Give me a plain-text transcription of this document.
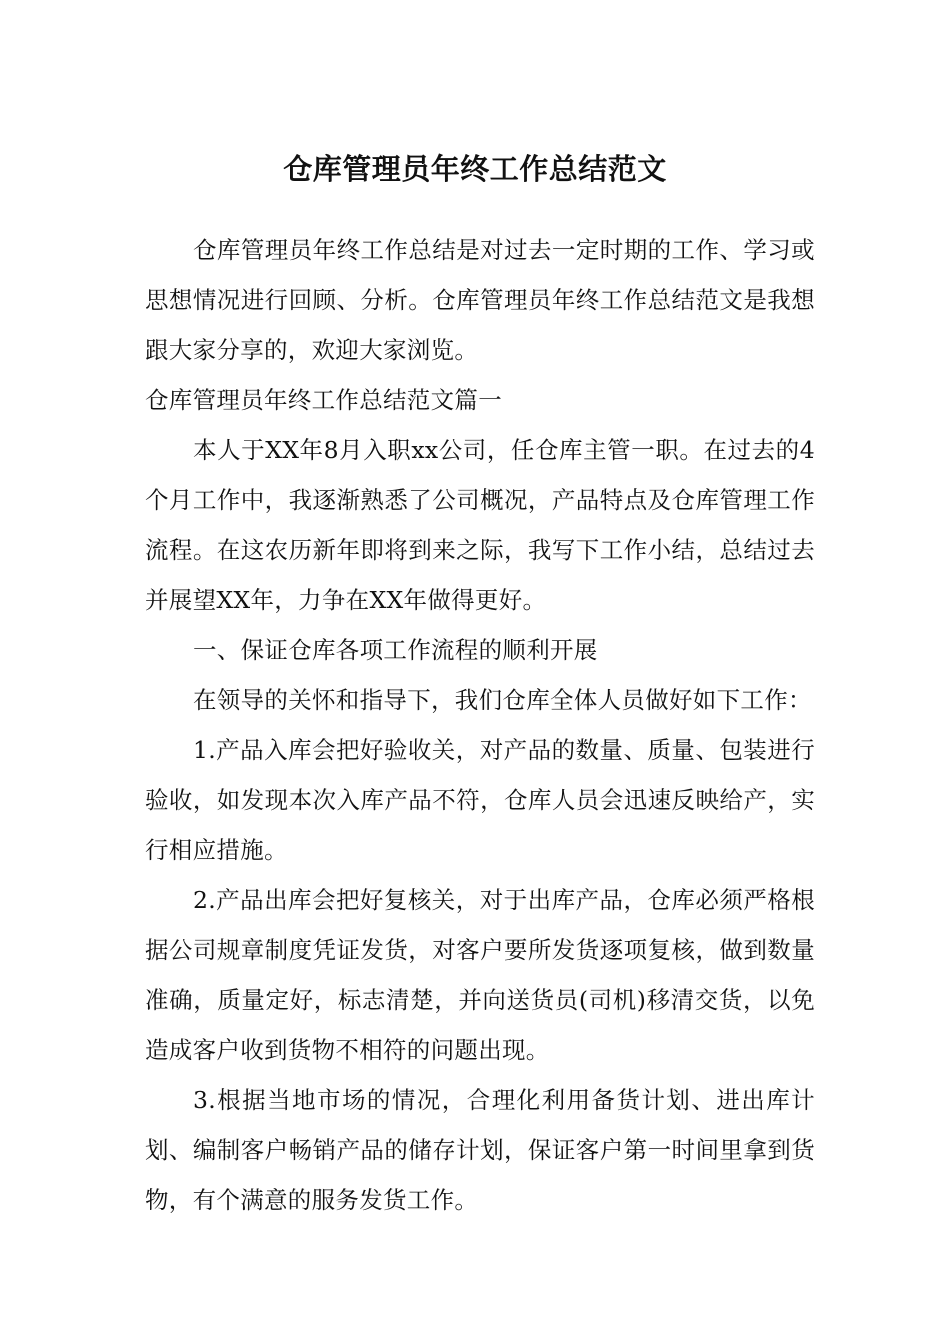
仓库管理员年终工作总结范文

仓库管理员年终工作总结是对过去一定时期的工作、学习或思想情况进行回顾、分析。仓库管理员年终工作总结范文是我想跟大家分享的，欢迎大家浏览。

仓库管理员年终工作总结范文篇一

本人于XX年8月入职xx公司，任仓库主管一职。在过去的4个月工作中，我逐渐熟悉了公司概况，产品特点及仓库管理工作流程。在这农历新年即将到来之际，我写下工作小结，总结过去并展望XX年，力争在XX年做得更好。

一、保证仓库各项工作流程的顺利开展

在领导的关怀和指导下，我们仓库全体人员做好如下工作：

1.产品入库会把好验收关，对产品的数量、质量、包装进行验收，如发现本次入库产品不符，仓库人员会迅速反映给产，实行相应措施。

2.产品出库会把好复核关，对于出库产品，仓库必须严格根据公司规章制度凭证发货，对客户要所发货逐项复核，做到数量准确，质量定好，标志清楚，并向送货员(司机)移清交货，以免造成客户收到货物不相符的问题出现。

3.根据当地市场的情况，合理化利用备货计划、进出库计划、编制客户畅销产品的储存计划，保证客户第一时间里拿到货物，有个满意的服务发货工作。
